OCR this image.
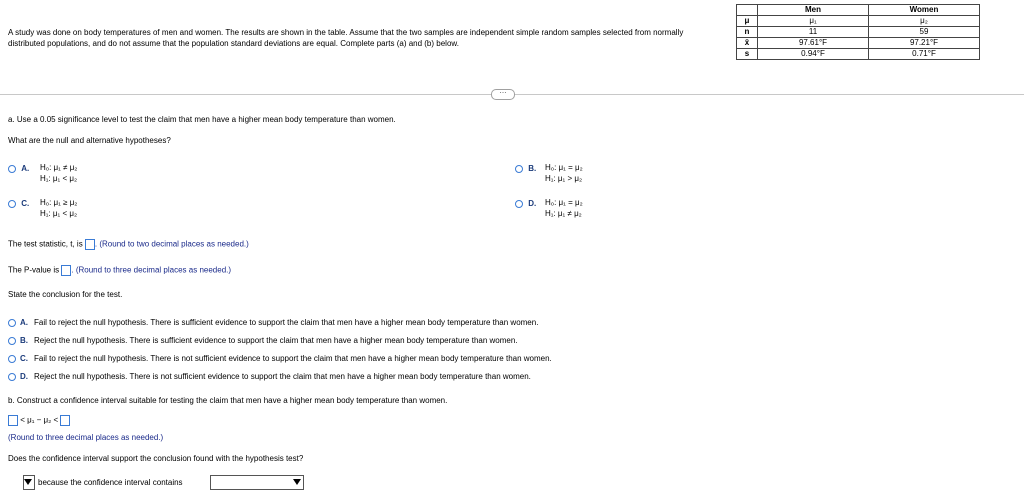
A study was done on body temperatures of men and women. The results are shown in the table. Assume that the two samples are independent simple random samples selected from normally distributed populations, and do not assume that the population standard deviations are equal. Complete parts (a) and (b) below.
	Men	Women
μ	μ₁	μ₂
n	11	59
x̄	97.61°F	97.21°F
s	0.94°F	0.71°F
⋯
a. Use a 0.05 significance level to test the claim that men have a higher mean body temperature than women.
What are the null and alternative hypotheses?
A. H₀: μ₁ ≠ μ₂
H₁: μ₁ < μ₂
B. H₀: μ₁ = μ₂
H₁: μ₁ > μ₂
C. H₀: μ₁ ≥ μ₂
H₁: μ₁ < μ₂
D. H₀: μ₁ = μ₂
H₁: μ₁ ≠ μ₂
The test statistic, t, is . (Round to two decimal places as needed.)
The P-value is . (Round to three decimal places as needed.)
State the conclusion for the test.
A. Fail to reject the null hypothesis. There is sufficient evidence to support the claim that men have a higher mean body temperature than women.
B. Reject the null hypothesis. There is sufficient evidence to support the claim that men have a higher mean body temperature than women.
C. Fail to reject the null hypothesis. There is not sufficient evidence to support the claim that men have a higher mean body temperature than women.
D. Reject the null hypothesis. There is not sufficient evidence to support the claim that men have a higher mean body temperature than women.
b. Construct a confidence interval suitable for testing the claim that men have a higher mean body temperature than women.
< μ₁ − μ₂ <
(Round to three decimal places as needed.)
Does the confidence interval support the conclusion found with the hypothesis test?
because the confidence interval contains
